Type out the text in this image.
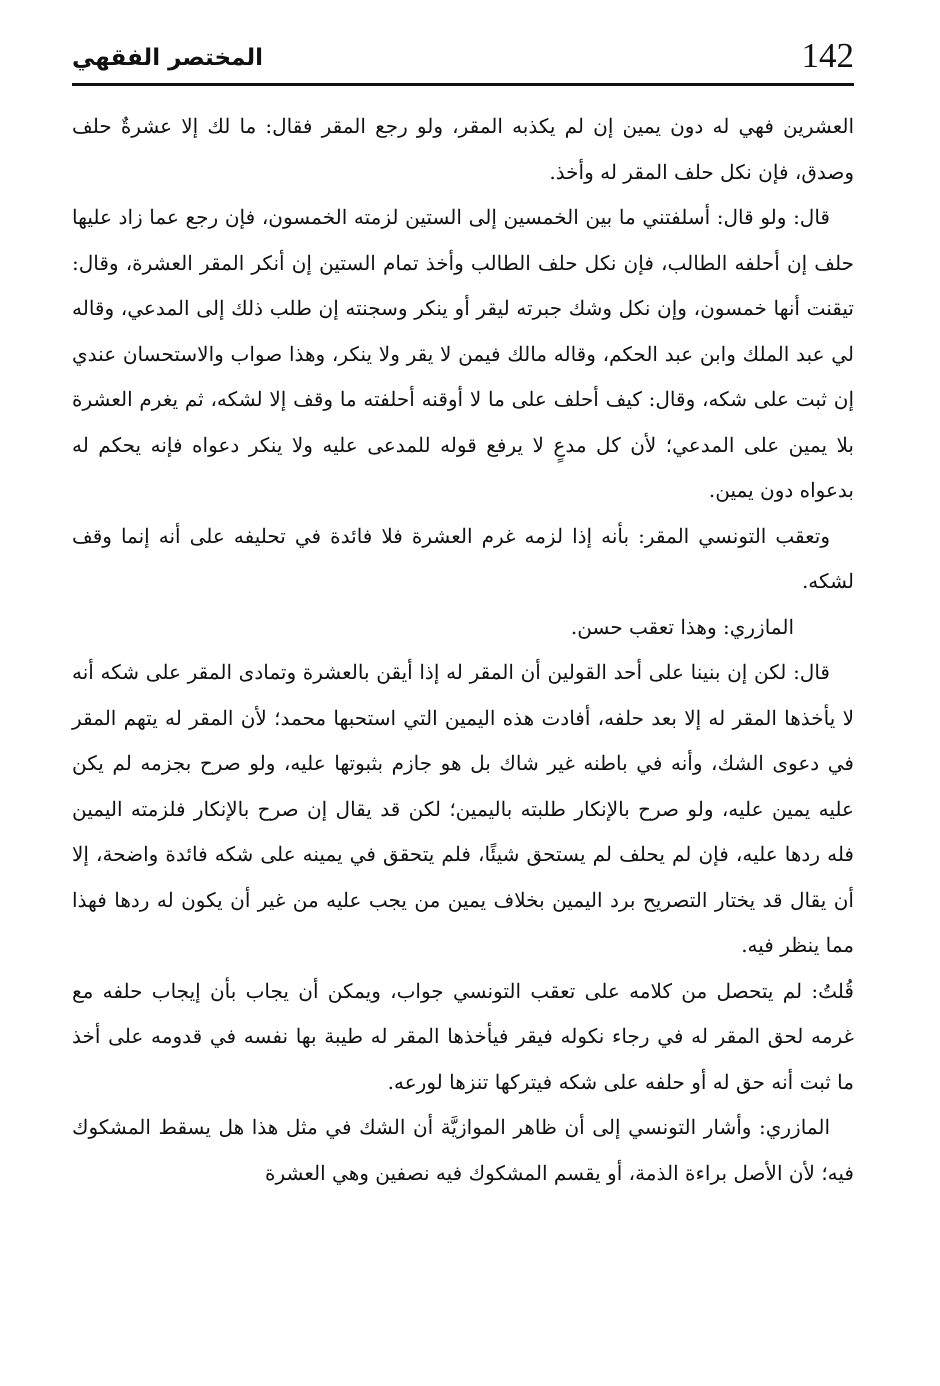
المختصر الفقهي	142

العشرين فهي له دون يمين إن لم يكذبه المقر، ولو رجع المقر فقال: ما لك إلا عشرةٌ حلف وصدق، فإن نكل حلف المقر له وأخذ.

قال: ولو قال: أسلفتني ما بين الخمسين إلى الستين لزمته الخمسون، فإن رجع عما زاد عليها حلف إن أحلفه الطالب، فإن نكل حلف الطالب وأخذ تمام الستين إن أنكر المقر العشرة، وقال: تيقنت أنها خمسون، وإن نكل وشك جبرته ليقر أو ينكر وسجنته إن طلب ذلك إلى المدعي، وقاله لي عبد الملك وابن عبد الحكم، وقاله مالك فيمن لا يقر ولا ينكر، وهذا صواب والاستحسان عندي إن ثبت على شكه، وقال: كيف أحلف على ما لا أوقنه أحلفته ما وقف إلا لشكه، ثم يغرم العشرة بلا يمين على المدعي؛ لأن كل مدعٍ لا يرفع قوله للمدعى عليه ولا ينكر دعواه فإنه يحكم له بدعواه دون يمين.

وتعقب التونسي المقر: بأنه إذا لزمه غرم العشرة فلا فائدة في تحليفه على أنه إنما وقف لشكه.

المازري: وهذا تعقب حسن.

قال: لكن إن بنينا على أحد القولين أن المقر له إذا أيقن بالعشرة وتمادى المقر على شكه أنه لا يأخذها المقر له إلا بعد حلفه، أفادت هذه اليمين التي استحبها محمد؛ لأن المقر له يتهم المقر في دعوى الشك، وأنه في باطنه غير شاك بل هو جازم بثبوتها عليه، ولو صرح بجزمه لم يكن عليه يمين عليه، ولو صرح بالإنكار طلبته باليمين؛ لكن قد يقال إن صرح بالإنكار فلزمته اليمين فله ردها عليه، فإن لم يحلف لم يستحق شيئًا، فلم يتحقق في يمينه على شكه فائدة واضحة، إلا أن يقال قد يختار التصريح برد اليمين بخلاف يمين من يجب عليه من غير أن يكون له ردها فهذا مما ينظر فيه.

قُلتُ: لم يتحصل من كلامه على تعقب التونسي جواب، ويمكن أن يجاب بأن إيجاب حلفه مع غرمه لحق المقر له في رجاء نكوله فيقر فيأخذها المقر له طيبة بها نفسه في قدومه على أخذ ما ثبت أنه حق له أو حلفه على شكه فيتركها تنزها لورعه.

المازري: وأشار التونسي إلى أن ظاهر الموازيَّة أن الشك في مثل هذا هل يسقط المشكوك فيه؛ لأن الأصل براءة الذمة، أو يقسم المشكوك فيه نصفين وهي العشرة
